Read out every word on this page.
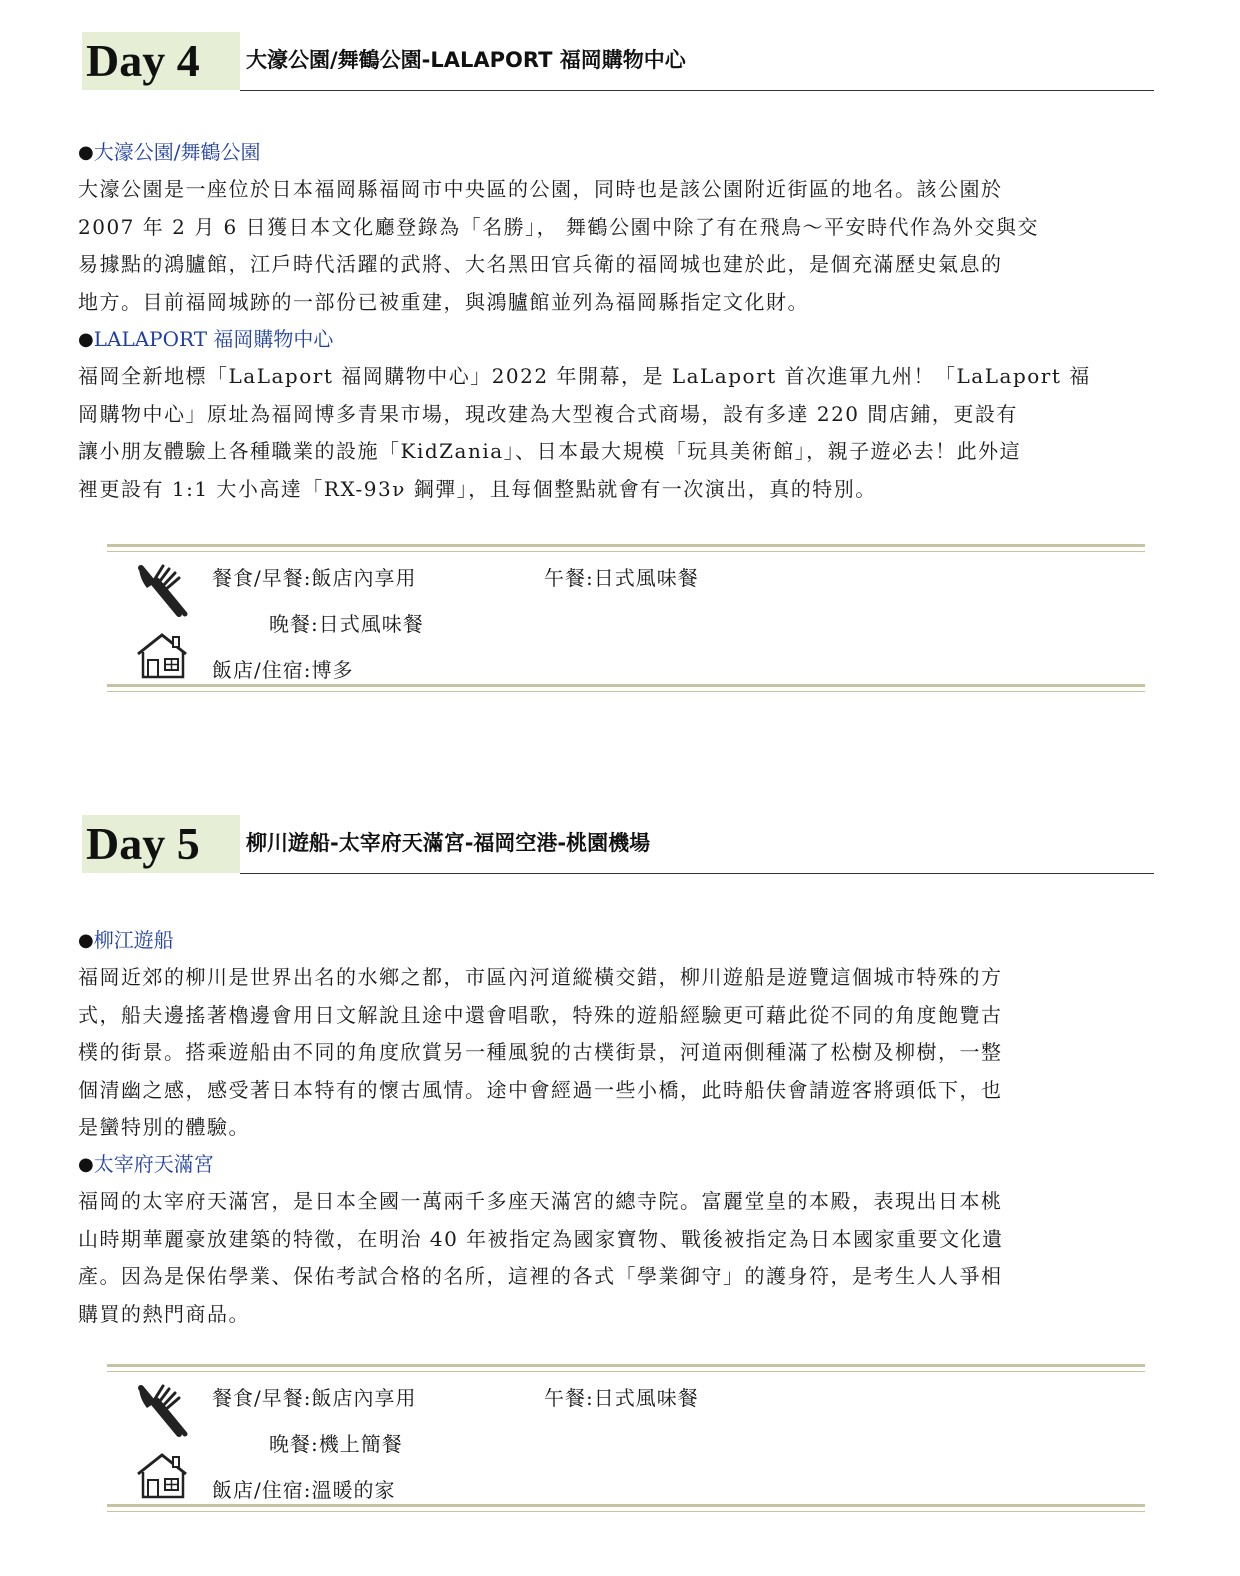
Day 4 大濠公園/舞鶴公園-LALAPORT 福岡購物中心
●大濠公園/舞鶴公園
大濠公園是一座位於日本福岡縣福岡市中央區的公園，同時也是該公園附近街區的地名。該公園於
2007 年 2 月 6 日獲日本文化廳登錄為「名勝」， 舞鶴公園中除了有在飛鳥～平安時代作為外交與交
易據點的鴻臚館，江戶時代活躍的武將、大名黑田官兵衛的福岡城也建於此，是個充滿歷史氣息的
地方。目前福岡城跡的一部份已被重建，與鴻臚館並列為福岡縣指定文化財。
●LALAPORT 福岡購物中心
福岡全新地標「LaLaport 福岡購物中心」2022 年開幕，是 LaLaport 首次進軍九州！「LaLaport 福
岡購物中心」原址為福岡博多青果市場，現改建為大型複合式商場，設有多達 220 間店鋪，更設有
讓小朋友體驗上各種職業的設施「KidZania」、日本最大規模「玩具美術館」，親子遊必去！此外這
裡更設有 1:1 大小高達「RX-93ν 鋼彈」，且每個整點就會有一次演出，真的特別。
餐食/早餐:飯店內享用	午餐:日式風味餐
晚餐:日式風味餐
飯店/住宿:博多
Day 5 柳川遊船-太宰府天滿宮-福岡空港-桃園機場
●柳江遊船
福岡近郊的柳川是世界出名的水鄉之都，市區內河道縱橫交錯，柳川遊船是遊覽這個城市特殊的方
式，船夫邊搖著櫓邊會用日文解說且途中還會唱歌，特殊的遊船經驗更可藉此從不同的角度飽覽古
樸的街景。搭乘遊船由不同的角度欣賞另一種風貌的古樸街景，河道兩側種滿了松樹及柳樹，一整
個清幽之感，感受著日本特有的懷古風情。途中會經過一些小橋，此時船伕會請遊客將頭低下，也
是蠻特別的體驗。
●太宰府天滿宮
福岡的太宰府天滿宮，是日本全國一萬兩千多座天滿宮的總寺院。富麗堂皇的本殿，表現出日本桃
山時期華麗豪放建築的特徵，在明治 40 年被指定為國家寶物、戰後被指定為日本國家重要文化遺
產。因為是保佑學業、保佑考試合格的名所，這裡的各式「學業御守」的護身符，是考生人人爭相
購買的熱門商品。
餐食/早餐:飯店內享用	午餐:日式風味餐
晚餐:機上簡餐
飯店/住宿:溫暖的家
